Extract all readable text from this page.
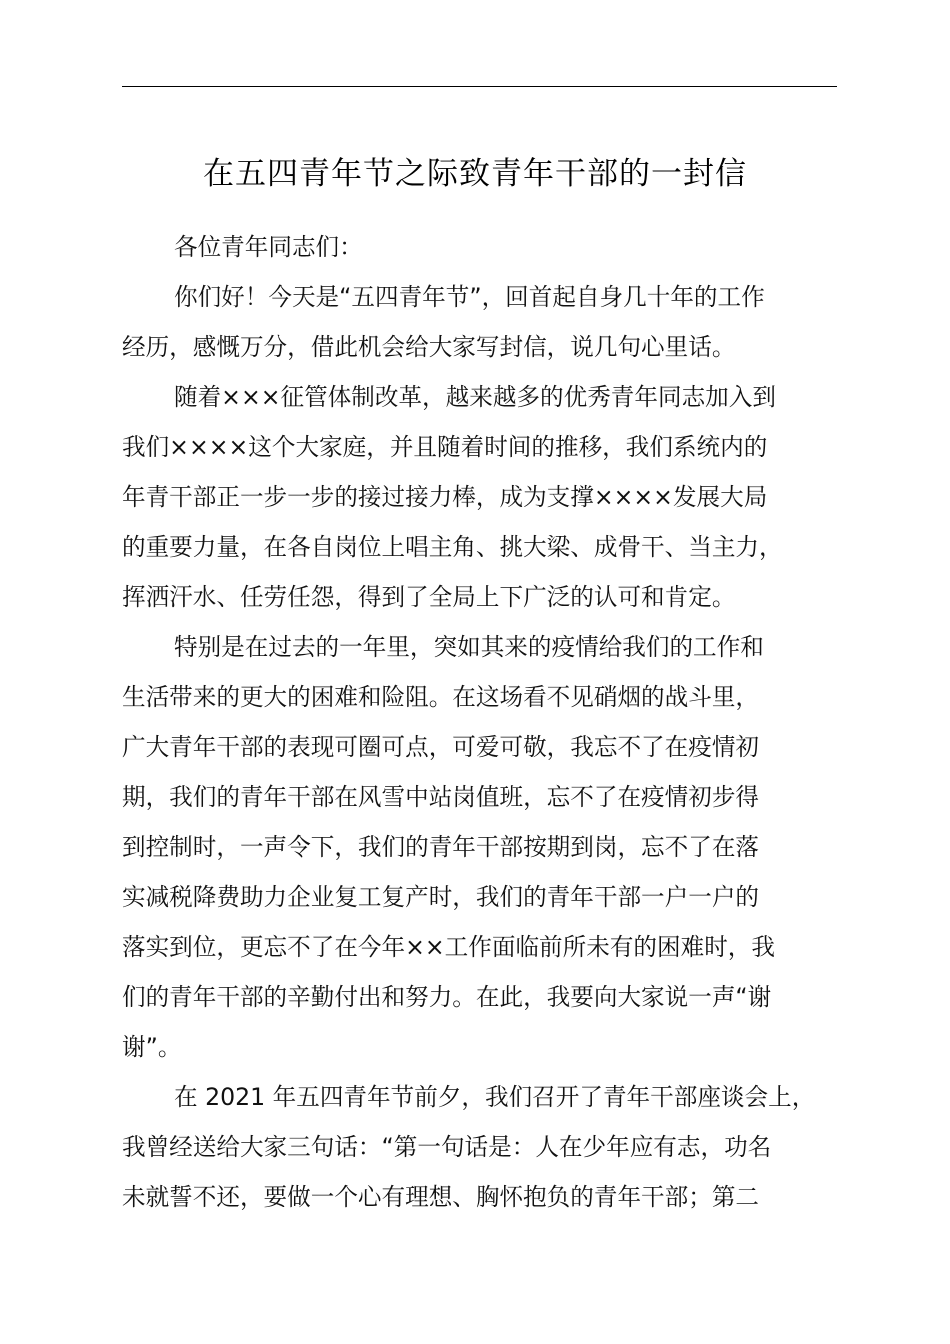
在五四青年节之际致青年干部的一封信
各位青年同志们：
你们好！今天是“五四青年节”，回首起自身几十年的工作
经历，感慨万分，借此机会给大家写封信，说几句心里话。
随着×××征管体制改革，越来越多的优秀青年同志加入到
我们××××这个大家庭，并且随着时间的推移，我们系统内的
年青干部正一步一步的接过接力棒，成为支撑××××发展大局
的重要力量，在各自岗位上唱主角、挑大梁、成骨干、当主力，
挥洒汗水、任劳任怨，得到了全局上下广泛的认可和肯定。
特别是在过去的一年里，突如其来的疫情给我们的工作和
生活带来的更大的困难和险阻。在这场看不见硝烟的战斗里，
广大青年干部的表现可圈可点，可爱可敬，我忘不了在疫情初
期，我们的青年干部在风雪中站岗值班，忘不了在疫情初步得
到控制时，一声令下，我们的青年干部按期到岗，忘不了在落
实减税降费助力企业复工复产时，我们的青年干部一户一户的
落实到位，更忘不了在今年××工作面临前所未有的困难时，我
们的青年干部的辛勤付出和努力。在此，我要向大家说一声“谢
谢”。
在 2021 年五四青年节前夕，我们召开了青年干部座谈会上，
我曾经送给大家三句话：“第一句话是：人在少年应有志，功名
未就誓不还，要做一个心有理想、胸怀抱负的青年干部；第二
